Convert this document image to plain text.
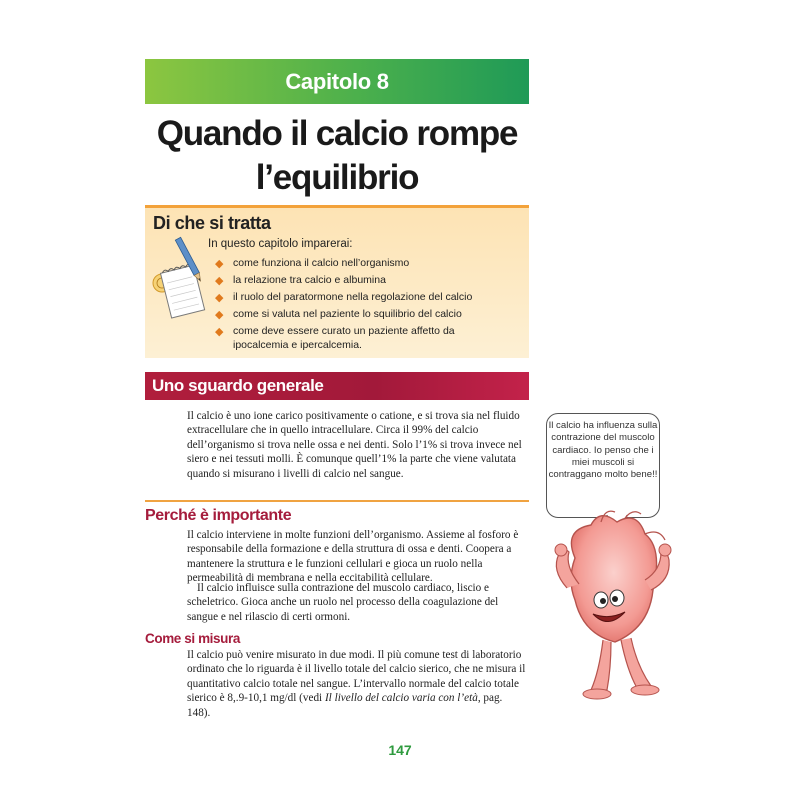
Capitolo 8
Quando il calcio rompe
l’equilibrio
Di che si tratta
In questo capitolo imparerai:
◆ come funziona il calcio nell’organismo
◆ la relazione tra calcio e albumina
◆ il ruolo del paratormone nella regolazione del calcio
◆ come si valuta nel paziente lo squilibrio del calcio
◆ come deve essere curato un paziente affetto da ipocalcemia e ipercalcemia.
Uno sguardo generale

Il calcio è uno ione carico positivamente o catione, e si trova sia nel fluido extracellulare che in quello intracellulare. Circa il 99% del calcio dell’organismo si trova nelle ossa e nei denti. Solo l’1% si trova invece nel siero e nei tessuti molli. È comunque quell’1% la parte che viene valutata quando si misurano i livelli di calcio nel sangue.

Perché è importante

Il calcio interviene in molte funzioni dell’organismo. Assieme al fosforo è responsabile della formazione e della struttura di ossa e denti. Coopera a mantenere la struttura e le funzioni cellulari e gioca un ruolo nella permeabilità di membrana e nella eccitabilità cellulare.

Il calcio influisce sulla contrazione del muscolo cardiaco, liscio e scheletrico. Gioca anche un ruolo nel processo della coagulazione del sangue e nel rilascio di certi ormoni.

Come si misura

Il calcio può venire misurato in due modi. Il più comune test di laboratorio ordinato che lo riguarda è il livello totale del calcio sierico, che ne misura il quantitativo calcio totale nel sangue. L’intervallo normale del calcio totale sierico è 8,.9-10,1 mg/dl (vedi Il livello del calcio varia con l’età, pag. 148).

Il calcio ha influenza sulla contrazione del muscolo cardiaco. Io penso che i miei muscoli si contraggano molto bene!!
147
